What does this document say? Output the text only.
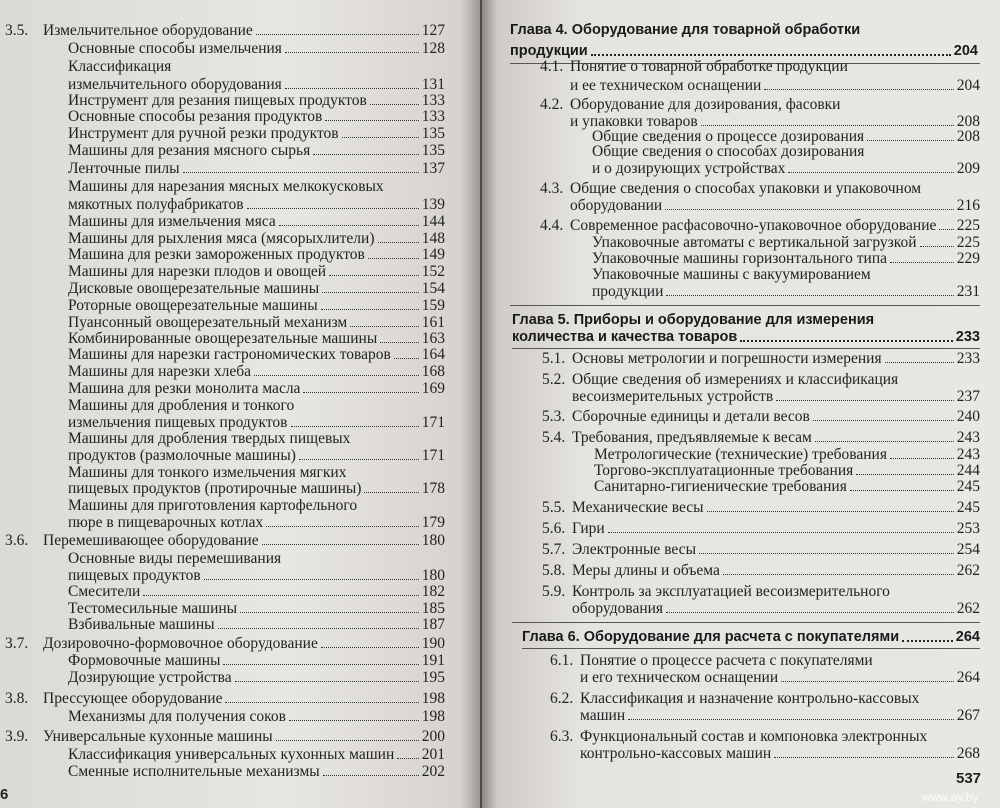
3.5. Измельчительное оборудование	127
Основные способы измельчения	128
Классификация
измельчительного оборудования	131
Инструмент для резания пищевых продуктов	133
Основные способы резания продуктов	133
Инструмент для ручной резки продуктов	135
Машины для резания мясного сырья	135
Ленточные пилы	137
Машины для нарезания мясных мелкокусковых
мякотных полуфабрикатов	139
Машины для измельчения мяса	144
Машины для рыхления мяса (мясорыхлители)	148
Машина для резки замороженных продуктов	149
Машины для нарезки плодов и овощей	152
Дисковые овощерезательные машины	154
Роторные овощерезательные машины	159
Пуансонный овощерезательный механизм	161
Комбинированные овощерезательные машины	163
Машины для нарезки гастрономических товаров 164
Машины для нарезки хлеба	168
Машина для резки монолита масла	169
Машины для дробления и тонкого
измельчения пищевых продуктов	171
Машины для дробления твердых пищевых
продуктов (размолочные машины)	171
Машины для тонкого измельчения мягких
пищевых продуктов (протирочные машины)	178
Машины для приготовления картофельного
пюре в пищеварочных котлах	179
3.6. Перемешивающее оборудование	180
Основные виды перемешивания
пищевых продуктов	180
Смесители	182
Тестомесильные машины	185
Взбивальные машины	187
3.7. Дозировочно-формовочное оборудование	190
Формовочные машины	191
Дозирующие устройства	195
3.8. Прессующее оборудование	198
Механизмы для получения соков	198
3.9. Универсальные кухонные машины	200
Классификация универсальных кухонных машин 201
Сменные исполнительные механизмы	202
6
Глава 4. Оборудование для товарной обработки
продукции	204
4.1. Понятие о товарной обработке продукции
и ее техническом оснащении	204
4.2. Оборудование для дозирования, фасовки
и упаковки товаров	208
Общие сведения о процессе дозирования	208
Общие сведения о способах дозирования
и о дозирующих устройствах	209
4.3. Общие сведения о способах упаковки и упаковочном
оборудовании	216
4.4. Современное расфасовочно-упаковочное оборудование 225
Упаковочные автоматы с вертикальной загрузкой	225
Упаковочные машины горизонтального типа	229
Упаковочные машины с вакуумированием
продукции	231
Глава 5. Приборы и оборудование для измерения
количества и качества товаров	233
5.1. Основы метрологии и погрешности измерения	233
5.2. Общие сведения об измерениях и классификация
весоизмерительных устройств	237
5.3. Сборочные единицы и детали весов	240
5.4. Требования, предъявляемые к весам	243
Метрологические (технические) требования	243
Торгово-эксплуатационные требования	244
Санитарно-гигиенические требования	245
5.5. Механические весы	245
5.6. Гири	253
5.7. Электронные весы	254
5.8. Меры длины и объема	262
5.9. Контроль за эксплуатацией весоизмерительного
оборудования	262
Глава 6. Оборудование для расчета с покупателями	264
6.1. Понятие о процессе расчета с покупателями
и его техническом оснащении	264
6.2. Классификация и назначение контрольно-кассовых
машин	267
6.3. Функциональный состав и компоновка электронных
контрольно-кассовых машин	268
537
www.ay.by
